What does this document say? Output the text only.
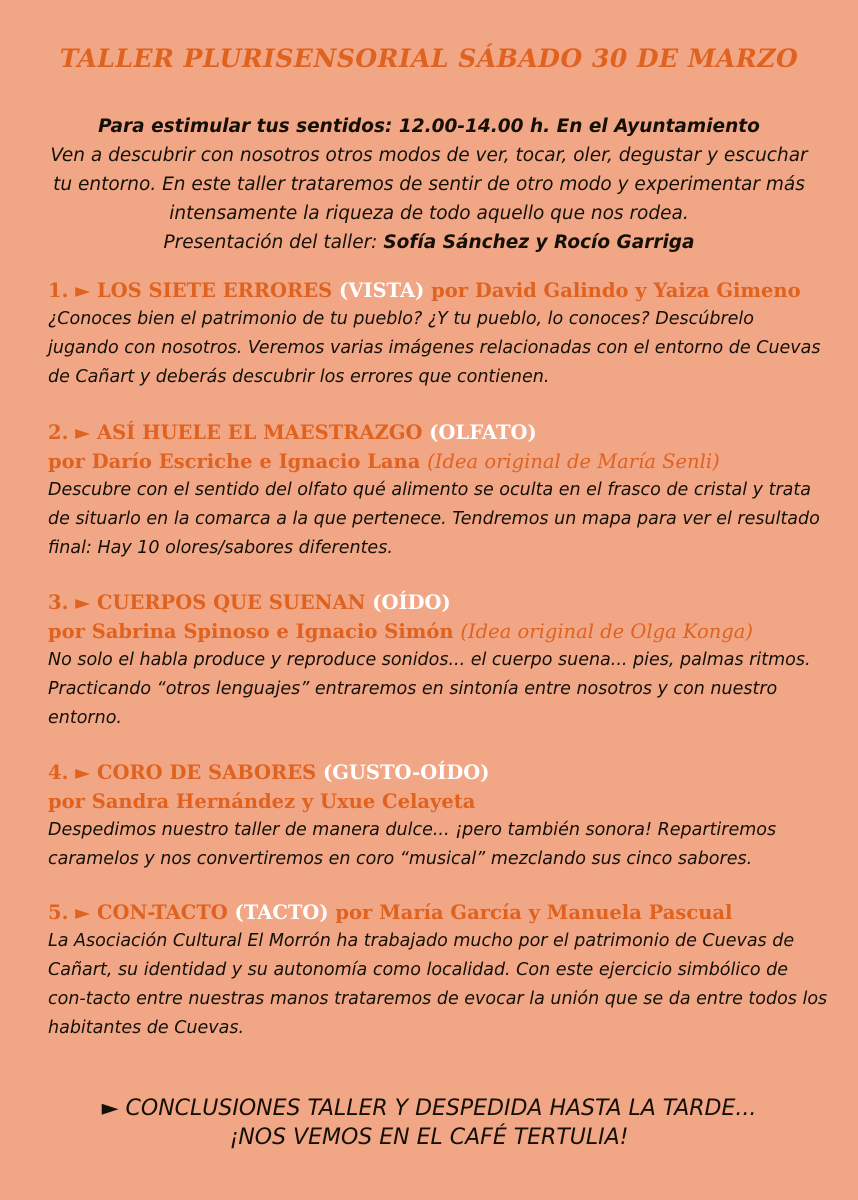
TALLER PLURISENSORIAL SÁBADO 30 DE MARZO
Para estimular tus sentidos: 12.00-14.00 h. En el Ayuntamiento
Ven a descubrir con nosotros otros modos de ver, tocar, oler, degustar y escuchar tu entorno. En este taller trataremos de sentir de otro modo y experimentar más intensamente la riqueza de todo aquello que nos rodea.
Presentación del taller: Sofía Sánchez y Rocío Garriga
1. ► LOS SIETE ERRORES (VISTA) por David Galindo y Yaiza Gimeno
¿Conoces bien el patrimonio de tu pueblo? ¿Y tu pueblo, lo conoces? Descúbrelo jugando con nosotros. Veremos varias imágenes relacionadas con el entorno de Cuevas de Cañart y deberás descubrir los errores que contienen.
2. ► ASÍ HUELE EL MAESTRAZGO (OLFATO)
por Darío Escriche e Ignacio Lana (Idea original de María Senli)
Descubre con el sentido del olfato qué alimento se oculta en el frasco de cristal y trata de situarlo en la comarca a la que pertenece. Tendremos un mapa para ver el resultado final: Hay 10 olores/sabores diferentes.
3. ► CUERPOS QUE SUENAN (OÍDO)
por Sabrina Spinoso e Ignacio Simón (Idea original de Olga Konga)
No solo el habla produce y reproduce sonidos... el cuerpo suena... pies, palmas ritmos. Practicando “otros lenguajes” entraremos en sintonía entre nosotros y con nuestro entorno.
4. ► CORO DE SABORES (GUSTO-OÍDO)
por Sandra Hernández y Uxue Celayeta
Despedimos nuestro taller de manera dulce... ¡pero también sonora! Repartiremos caramelos y nos convertiremos en coro “musical” mezclando sus cinco sabores.
5. ► CON-TACTO (TACTO) por María García y Manuela Pascual
La Asociación Cultural El Morrón ha trabajado mucho por el patrimonio de Cuevas de Cañart, su identidad y su autonomía como localidad. Con este ejercicio simbólico de con-tacto entre nuestras manos trataremos de evocar la unión que se da entre todos los habitantes de Cuevas.
► CONCLUSIONES TALLER Y DESPEDIDA HASTA LA TARDE...
¡NOS VEMOS EN EL CAFÉ TERTULIA!
